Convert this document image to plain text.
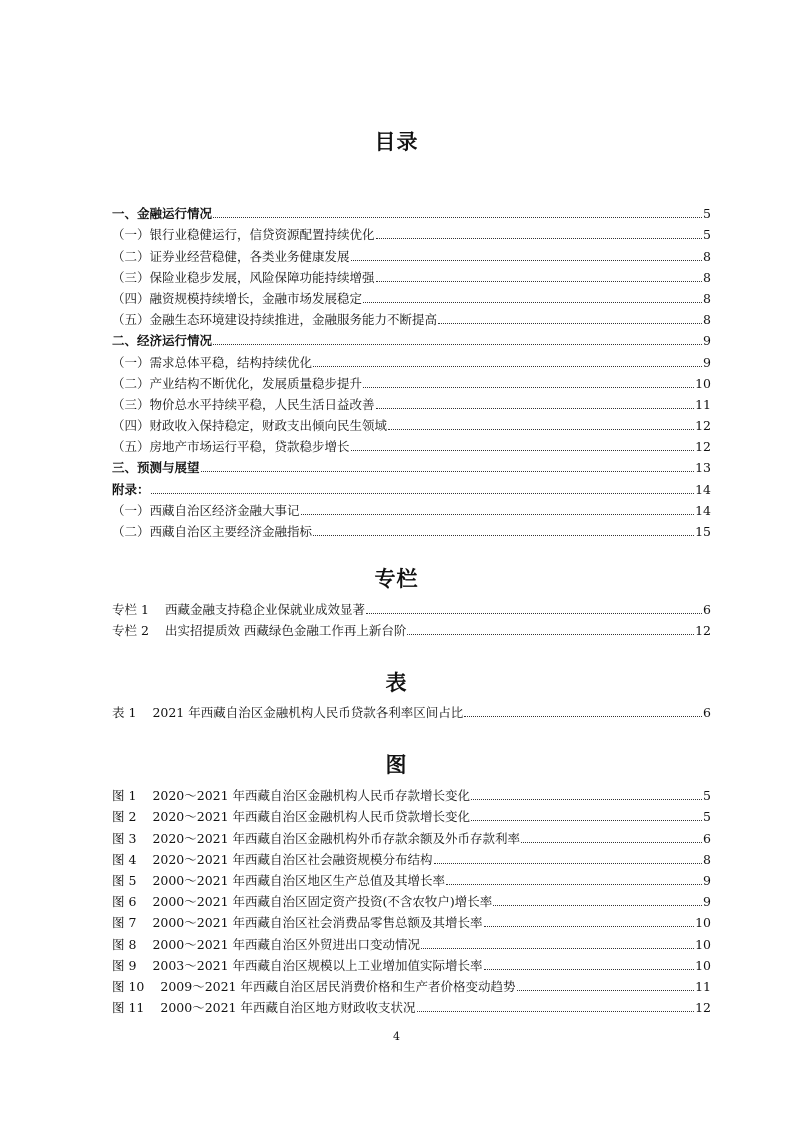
目录
一、金融运行情况	5
（一）银行业稳健运行，信贷资源配置持续优化	5
（二）证券业经营稳健，各类业务健康发展	8
（三）保险业稳步发展，风险保障功能持续增强	8
（四）融资规模持续增长，金融市场发展稳定	8
（五）金融生态环境建设持续推进，金融服务能力不断提高	8
二、经济运行情况	9
（一）需求总体平稳，结构持续优化	9
（二）产业结构不断优化，发展质量稳步提升	10
（三）物价总水平持续平稳，人民生活日益改善	11
（四）财政收入保持稳定，财政支出倾向民生领域	12
（五）房地产市场运行平稳，贷款稳步增长	12
三、预测与展望	13
附录：	14
（一）西藏自治区经济金融大事记	14
（二）西藏自治区主要经济金融指标	15
专栏
专栏 1 西藏金融支持稳企业保就业成效显著	6
专栏 2 出实招提质效 西藏绿色金融工作再上新台阶	12
表
表 1 2021 年西藏自治区金融机构人民币贷款各利率区间占比	6
图
图 1 2020～2021 年西藏自治区金融机构人民币存款增长变化	5
图 2 2020～2021 年西藏自治区金融机构人民币贷款增长变化	5
图 3 2020～2021 年西藏自治区金融机构外币存款余额及外币存款利率	6
图 4 2020～2021 年西藏自治区社会融资规模分布结构	8
图 5 2000～2021 年西藏自治区地区生产总值及其增长率	9
图 6 2000～2021 年西藏自治区固定资产投资(不含农牧户)增长率	9
图 7 2000～2021 年西藏自治区社会消费品零售总额及其增长率	10
图 8 2000～2021 年西藏自治区外贸进出口变动情况	10
图 9 2003～2021 年西藏自治区规模以上工业增加值实际增长率	10
图 10 2009～2021 年西藏自治区居民消费价格和生产者价格变动趋势	11
图 11 2000～2021 年西藏自治区地方财政收支状况	12
4
